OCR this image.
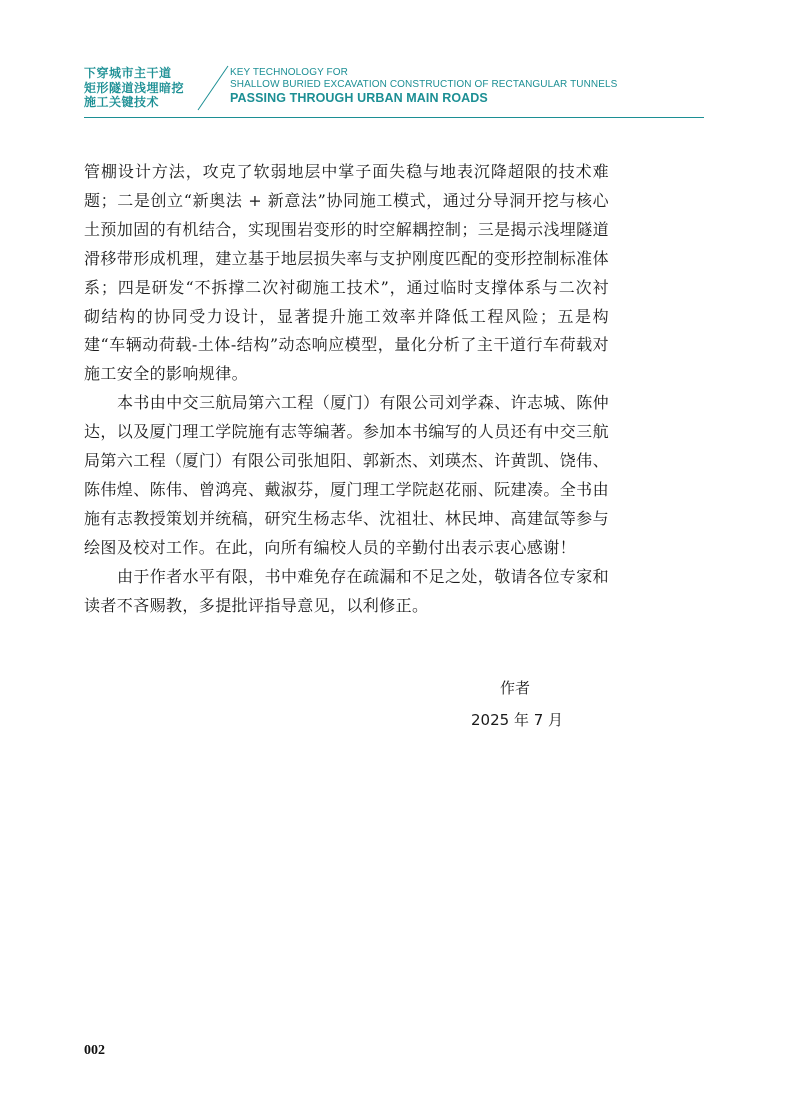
下穿城市主干道
矩形隧道浅埋暗挖
施工关键技术
KEY TECHNOLOGY FOR
SHALLOW BURIED EXCAVATION CONSTRUCTION OF RECTANGULAR TUNNELS
PASSING THROUGH URBAN MAIN ROADS

管棚设计方法，攻克了软弱地层中掌子面失稳与地表沉降超限的技术难题；二是创立“新奥法 + 新意法”协同施工模式，通过分导洞开挖与核心土预加固的有机结合，实现围岩变形的时空解耦控制；三是揭示浅埋隧道滑移带形成机理，建立基于地层损失率与支护刚度匹配的变形控制标准体系；四是研发“不拆撑二次衬砌施工技术”，通过临时支撑体系与二次衬砌结构的协同受力设计，显著提升施工效率并降低工程风险；五是构建“车辆动荷载-土体-结构”动态响应模型，量化分析了主干道行车荷载对施工安全的影响规律。

本书由中交三航局第六工程（厦门）有限公司刘学森、许志城、陈仲达，以及厦门理工学院施有志等编著。参加本书编写的人员还有中交三航局第六工程（厦门）有限公司张旭阳、郭新杰、刘瑛杰、许黄凯、饶伟、陈伟煌、陈伟、曾鸿亮、戴淑芬，厦门理工学院赵花丽、阮建凑。全书由施有志教授策划并统稿，研究生杨志华、沈祖壮、林民坤、高建氙等参与绘图及校对工作。在此，向所有编校人员的辛勤付出表示衷心感谢！

由于作者水平有限，书中难免存在疏漏和不足之处，敬请各位专家和读者不吝赐教，多提批评指导意见，以利修正。

作者
2025 年 7 月
002
